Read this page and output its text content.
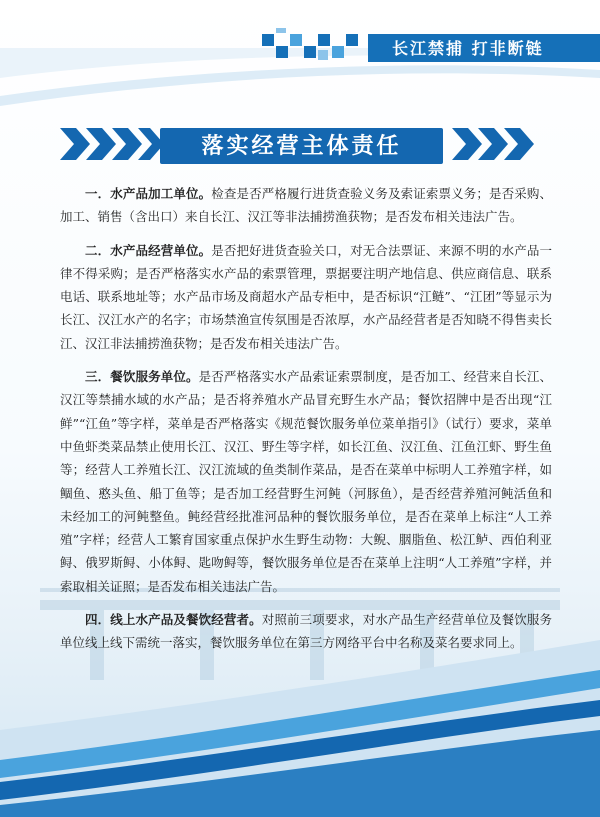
长江禁捕 打非断链
落实经营主体责任

一．水产品加工单位。检查是否严格履行进货查验义务及索证索票义务；是否采购、加工、销售（含出口）来自长江、汉江等非法捕捞渔获物；是否发布相关违法广告。

二．水产品经营单位。是否把好进货查验关口，对无合法票证、来源不明的水产品一律不得采购；是否严格落实水产品的索票管理，票据要注明产地信息、供应商信息、联系电话、联系地址等；水产品市场及商超水产品专柜中，是否标识“江鲢”、“江团”等显示为长江、汉江水产的名字；市场禁渔宣传氛围是否浓厚，水产品经营者是否知晓不得售卖长江、汉江非法捕捞渔获物；是否发布相关违法广告。

三．餐饮服务单位。是否严格落实水产品索证索票制度，是否加工、经营来自长江、汉江等禁捕水域的水产品；是否将养殖水产品冒充野生水产品；餐饮招牌中是否出现“江鲜”“江鱼”等字样，菜单是否严格落实《规范餐饮服务单位菜单指引》（试行）要求，菜单中鱼虾类菜品禁止使用长江、汉江、野生等字样，如长江鱼、汉江鱼、江鱼江虾、野生鱼等；经营人工养殖长江、汉江流域的鱼类制作菜品，是否在菜单中标明人工养殖字样，如鲴鱼、憨头鱼、船丁鱼等；是否加工经营野生河鲀（河豚鱼），是否经营养殖河鲀活鱼和未经加工的河鲀整鱼。鲀经营经批准河品种的餐饮服务单位，是否在菜单上标注“人工养殖”字样；经营人工繁育国家重点保护水生野生动物：大鲵、胭脂鱼、松江鲈、西伯利亚鲟、俄罗斯鲟、小体鲟、匙吻鲟等，餐饮服务单位是否在菜单上注明“人工养殖”字样，并索取相关证照；是否发布相关违法广告。

四．线上水产品及餐饮经营者。对照前三项要求，对水产品生产经营单位及餐饮服务单位线上线下需统一落实，餐饮服务单位在第三方网络平台中名称及菜名要求同上。
